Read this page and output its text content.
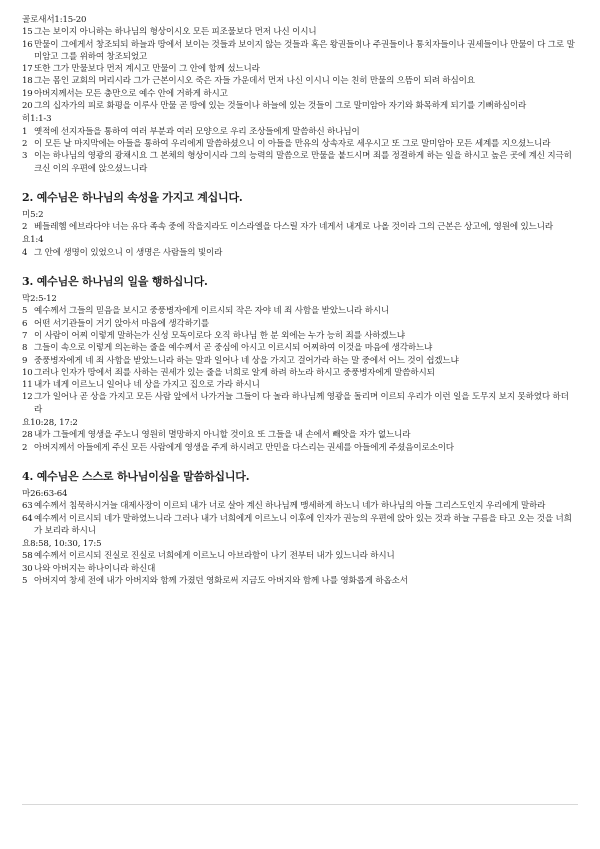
골로새서1:15-20
15 그는 보이지 아니하는 하나님의 형상이시오 모든 피조물보다 먼저 나신 이시니
16 만물이 그에게서 창조되되 하늘과 땅에서 보이는 것들과 보이지 않는 것들과 혹은 왕권들이나 주권들이나 통치자들이나 권세들이나 만물이 다 그로 말미암고 그를 위하여 창조되었고
17 또한 그가 만물보다 먼저 계시고 만물이 그 안에 함께 섰느니라
18 그는 몸인 교회의 머리시라 그가 근본이시오 죽은 자들 가운데서 먼저 나신 이시니 이는 친히 만물의 으뜸이 되려 하심이요
19 아버지께서는 모든 충만으로 예수 안에 거하게 하시고
20 그의 십자가의 피로 화평을 이루사 만물 곧 땅에 있는 것들이나 하늘에 있는 것들이 그로 말미암아 자기와 화목하게 되기를 기뻐하심이라
히1:1-3
1 옛적에 선지자들을 통하여 여러 부분과 여러 모양으로 우리 조상들에게 말씀하신 하나님이
2 이 모든 날 마지막에는 아들을 통하여 우리에게 말씀하셨으니 이 아들을 만유의 상속자로 세우시고 또 그로 말미암아 모든 세계를 지으셨느니라
3 이는 하나님의 영광의 광채시요 그 본체의 형상이시라 그의 능력의 말씀으로 만물을 붙드시며 죄를 정결하게 하는 일을 하시고 높은 곳에 계신 지극히 크신 이의 우편에 앉으셨느니라
2. 예수님은 하나님의 속성을 가지고 계십니다.
미5:2
2 베들레헴 에브라다야 너는 유다 족속 중에 작을지라도 이스라엘을 다스릴 자가 네게서 내게로 나올 것이라 그의 근본은 상고에, 영원에 있느니라
요1:4
4 그 안에 생명이 있었으니 이 생명은 사람들의 빛이라
3. 예수님은 하나님의 일을 행하십니다.
막2:5-12
5 예수께서 그들의 믿음을 보시고 중풍병자에게 이르시되 작은 자야 네 죄 사함을 받았느니라 하시니
6 어떤 서기관들이 거기 앉아서 마음에 생각하기를
7 이 사람이 어찌 이렇게 말하는가 신성 모독이로다 오직 하나님 한 분 외에는 누가 능히 죄를 사하겠느냐
8 그들이 속으로 이렇게 의논하는 줄을 예수께서 곧 중심에 아시고 이르시되 어찌하여 이것을 마음에 생각하느냐
9 중풍병자에게 네 죄 사함을 받았느니라 하는 말과 일어나 네 상을 가지고 걸어가라 하는 말 중에서 어느 것이 쉽겠느냐
10 그러나 인자가 땅에서 죄를 사하는 권세가 있는 줄을 너희로 알게 하려 하노라 하시고 중풍병자에게 말씀하시되
11 내가 네게 이르노니 일어나 네 상을 가지고 집으로 가라 하시니
12 그가 일어나 곧 상을 가지고 모든 사람 앞에서 나가거늘 그들이 다 놀라 하나님께 영광을 돌리며 이르되 우리가 이런 일을 도무지 보지 못하였다 하더라
요10:28, 17:2
28 내가 그들에게 영생을 주노니 영원히 멸망하지 아니할 것이요 또 그들을 내 손에서 빼앗을 자가 없느니라
2 아버지께서 아들에게 주신 모든 사람에게 영생을 주게 하시려고 만민을 다스리는 권세를 아들에게 주셨음이로소이다
4. 예수님은 스스로 하나님이심을 말씀하십니다.
마26:63-64
63 예수께서 침묵하시거늘 대제사장이 이르되 내가 너로 살아 계신 하나님께 맹세하게 하노니 네가 하나님의 아들 그리스도인지 우리에게 말하라
64 예수께서 이르시되 네가 말하였느니라 그러나 내가 너희에게 이르노니 이후에 인자가 권능의 우편에 앉아 있는 것과 하늘 구름을 타고 오는 것을 너희가 보리라 하시니
요8:58, 10:30, 17:5
58 예수께서 이르시되 진실로 진실로 너희에게 이르노니 아브라함이 나기 전부터 내가 있느니라 하시니
30 나와 아버지는 하나이니라 하신대
5 아버지여 창세 전에 내가 아버지와 함께 가졌던 영화로써 지금도 아버지와 함께 나를 영화롭게 하옵소서
